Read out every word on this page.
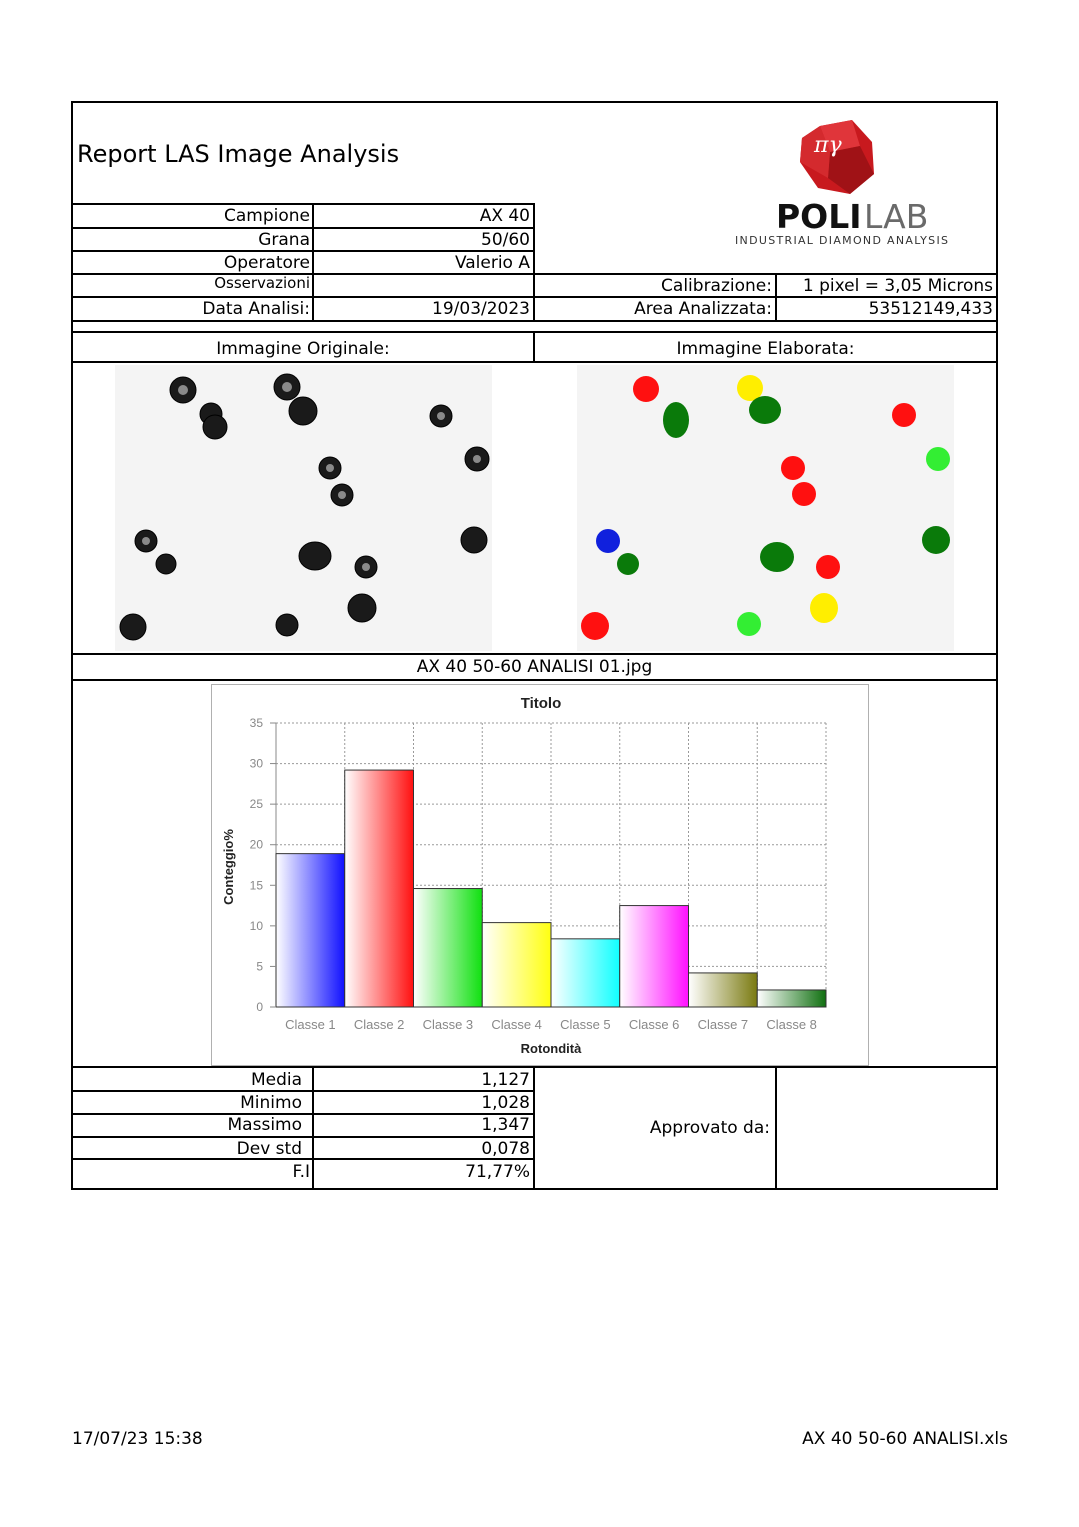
Report LAS Image Analysis	πγ
POLI LAB
INDUSTRIAL DIAMOND ANALYSIS
Campione	AX 40
Grana	50/60
Operatore	Valerio A
Osservazioni
Data Analisi:	19/03/2023
Calibrazione:	1 pixel = 3,05 Microns
Area Analizzata:	53512149,433
Immagine Originale:	Immagine Elaborata:
AX 40 50-60 ANALISI 01.jpg
Titolo
Conteggio%
Rotondità
0
5
10
15
20
25
30
35
Classe 1 Classe 2 Classe 3 Classe 4 Classe 5 Classe 6 Classe 7 Classe 8
Media	1,127
Minimo	1,028
Massimo	1,347
Dev std	0,078
F.I	71,77%
Approvato da:
17/07/23 15:38	AX 40 50-60 ANALISI.xls
